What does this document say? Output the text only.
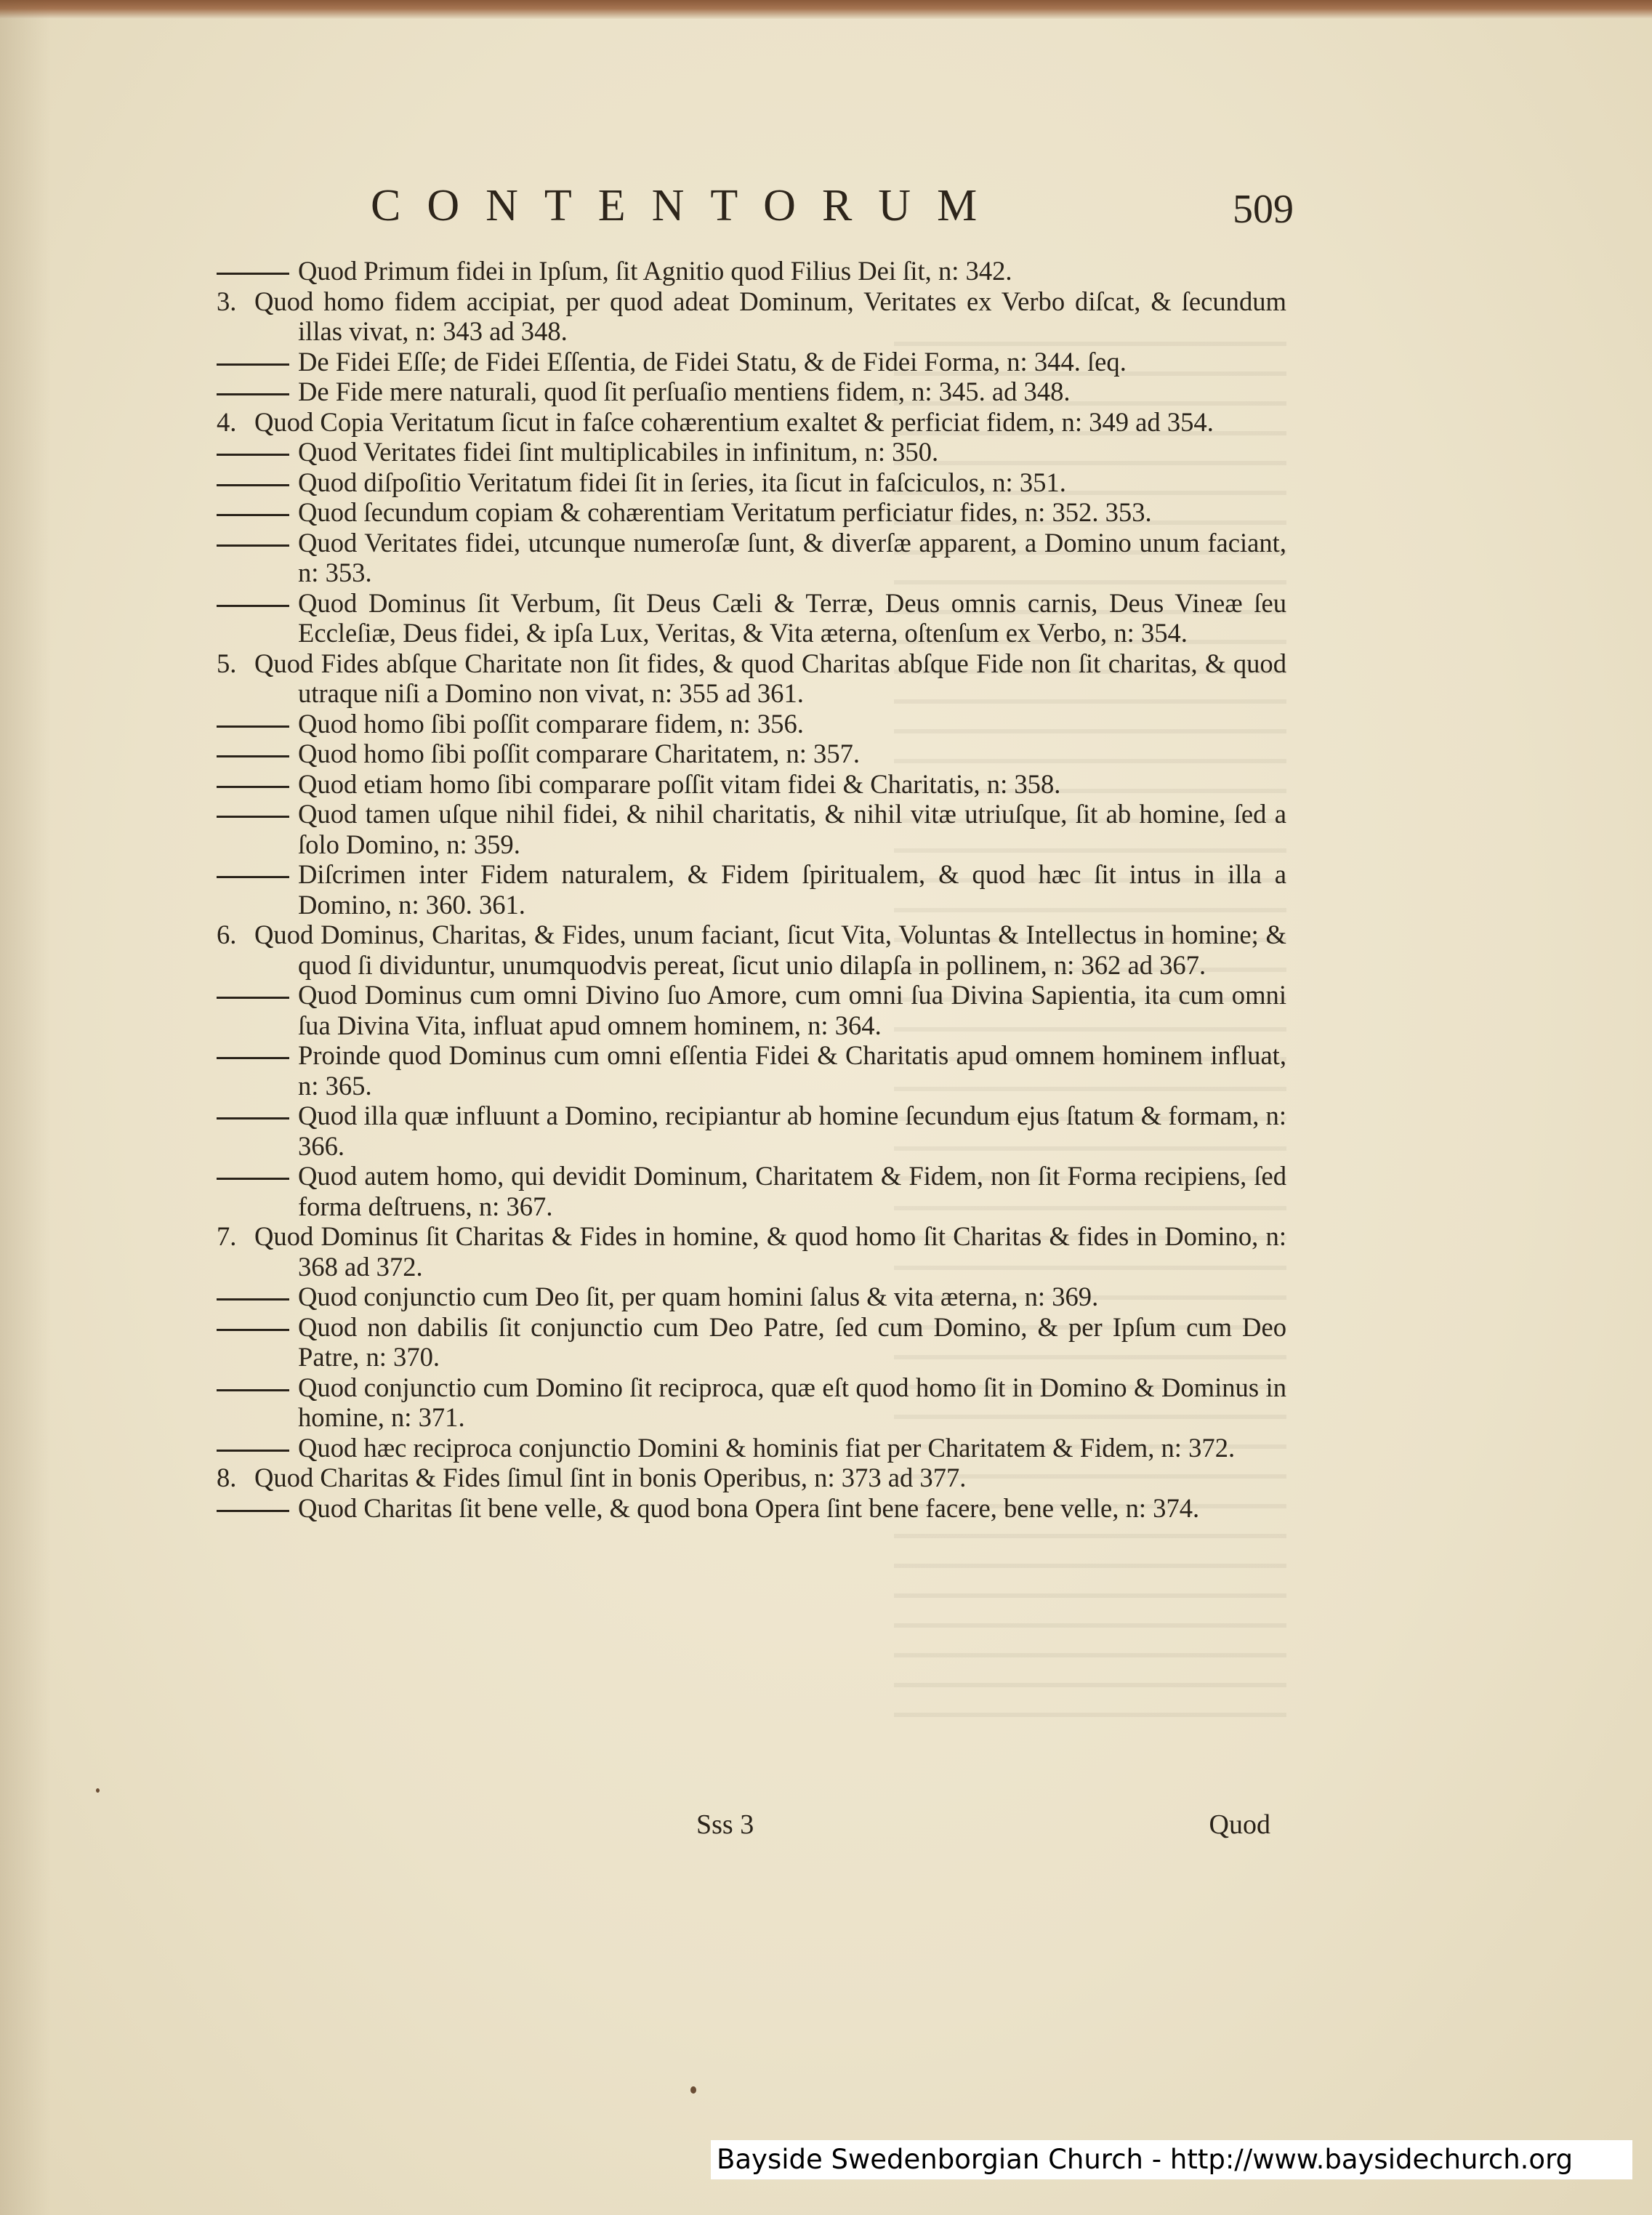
CONTENTORUM	509
Quod Primum fidei in Ipſum, ſit Agnitio quod Filius Dei ſit, n: 342.
3. Quod homo fidem accipiat, per quod adeat Dominum, Veritates ex Verbo diſcat, & ſecundum illas vivat, n: 343 ad 348.
De Fidei Eſſe; de Fidei Eſſentia, de Fidei Statu, & de Fidei Forma, n: 344. ſeq.
De Fide mere naturali, quod ſit perſuaſio mentiens fidem, n: 345. ad 348.
4. Quod Copia Veritatum ſicut in faſce cohærentium exaltet & perficiat fidem, n: 349 ad 354.
Quod Veritates fidei ſint multiplicabiles in infinitum, n: 350.
Quod diſpoſitio Veritatum fidei ſit in ſeries, ita ſicut in faſciculos, n: 351.
Quod ſecundum copiam & cohærentiam Veritatum perficiatur fides, n: 352. 353.
Quod Veritates fidei, utcunque numeroſæ ſunt, & diverſæ apparent, a Domino unum faciant, n: 353.
Quod Dominus ſit Verbum, ſit Deus Cæli & Terræ, Deus omnis carnis, Deus Vineæ ſeu Eccleſiæ, Deus fidei, & ipſa Lux, Veritas, & Vita æterna, oſtenſum ex Verbo, n: 354.
5. Quod Fides abſque Charitate non ſit fides, & quod Charitas abſque Fide non ſit charitas, & quod utraque niſi a Domino non vivat, n: 355 ad 361.
Quod homo ſibi poſſit comparare fidem, n: 356.
Quod homo ſibi poſſit comparare Charitatem, n: 357.
Quod etiam homo ſibi comparare poſſit vitam fidei & Charitatis, n: 358.
Quod tamen uſque nihil fidei, & nihil charitatis, & nihil vitæ utriuſque, ſit ab homine, ſed a ſolo Domino, n: 359.
Diſcrimen inter Fidem naturalem, & Fidem ſpiritualem, & quod hæc ſit intus in illa a Domino, n: 360. 361.
6. Quod Dominus, Charitas, & Fides, unum faciant, ſicut Vita, Voluntas & Intellectus in homine; & quod ſi dividuntur, unumquodvis pereat, ſicut unio dilapſa in pollinem, n: 362 ad 367.
Quod Dominus cum omni Divino ſuo Amore, cum omni ſua Divina Sapientia, ita cum omni ſua Divina Vita, influat apud omnem hominem, n: 364.
Proinde quod Dominus cum omni eſſentia Fidei & Charitatis apud omnem hominem influat, n: 365.
Quod illa quæ influunt a Domino, recipiantur ab homine ſecundum ejus ſtatum & formam, n: 366.
Quod autem homo, qui devidit Dominum, Charitatem & Fidem, non ſit Forma recipiens, ſed forma deſtruens, n: 367.
7. Quod Dominus ſit Charitas & Fides in homine, & quod homo ſit Charitas & fides in Domino, n: 368 ad 372.
Quod conjunctio cum Deo ſit, per quam homini ſalus & vita æterna, n: 369.
Quod non dabilis ſit conjunctio cum Deo Patre, ſed cum Domino, & per Ipſum cum Deo Patre, n: 370.
Quod conjunctio cum Domino ſit reciproca, quæ eſt quod homo ſit in Domino & Dominus in homine, n: 371.
Quod hæc reciproca conjunctio Domini & hominis fiat per Charitatem & Fidem, n: 372.
8. Quod Charitas & Fides ſimul ſint in bonis Operibus, n: 373 ad 377.
Quod Charitas ſit bene velle, & quod bona Opera ſint bene facere, bene velle, n: 374.
Sss 3	Quod
Bayside Swedenborgian Church - http://www.baysidechurch.org
